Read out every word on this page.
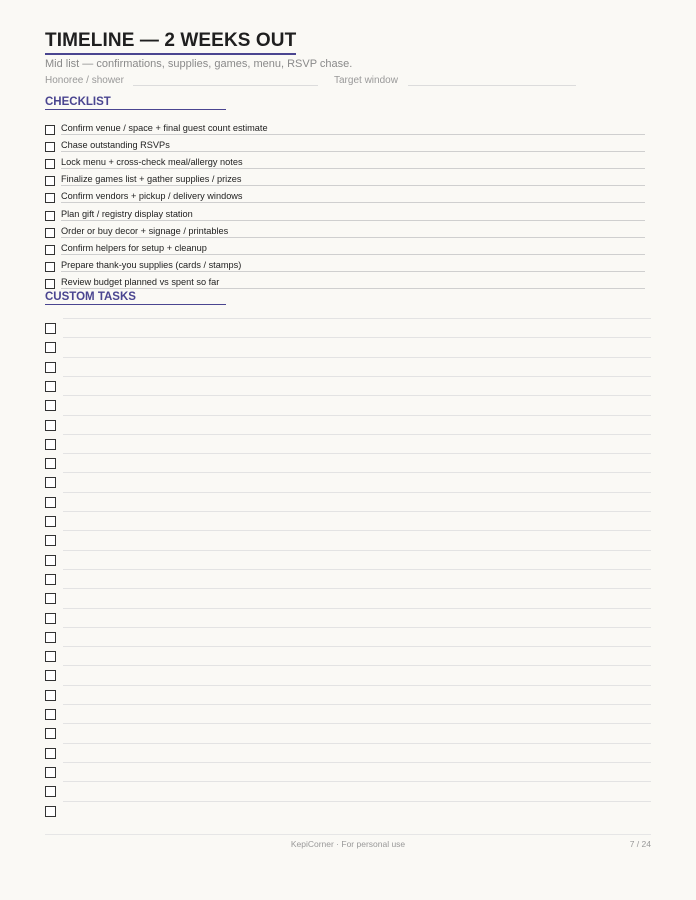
TIMELINE — 2 WEEKS OUT
Mid list — confirmations, supplies, games, menu, RSVP chase.
Honoree / shower	Target window
CHECKLIST
Confirm venue / space + final guest count estimate
Chase outstanding RSVPs
Lock menu + cross-check meal/allergy notes
Finalize games list + gather supplies / prizes
Confirm vendors + pickup / delivery windows
Plan gift / registry display station
Order or buy decor + signage / printables
Confirm helpers for setup + cleanup
Prepare thank-you supplies (cards / stamps)
Review budget planned vs spent so far
CUSTOM TASKS
KepiCorner · For personal use	7 / 24
